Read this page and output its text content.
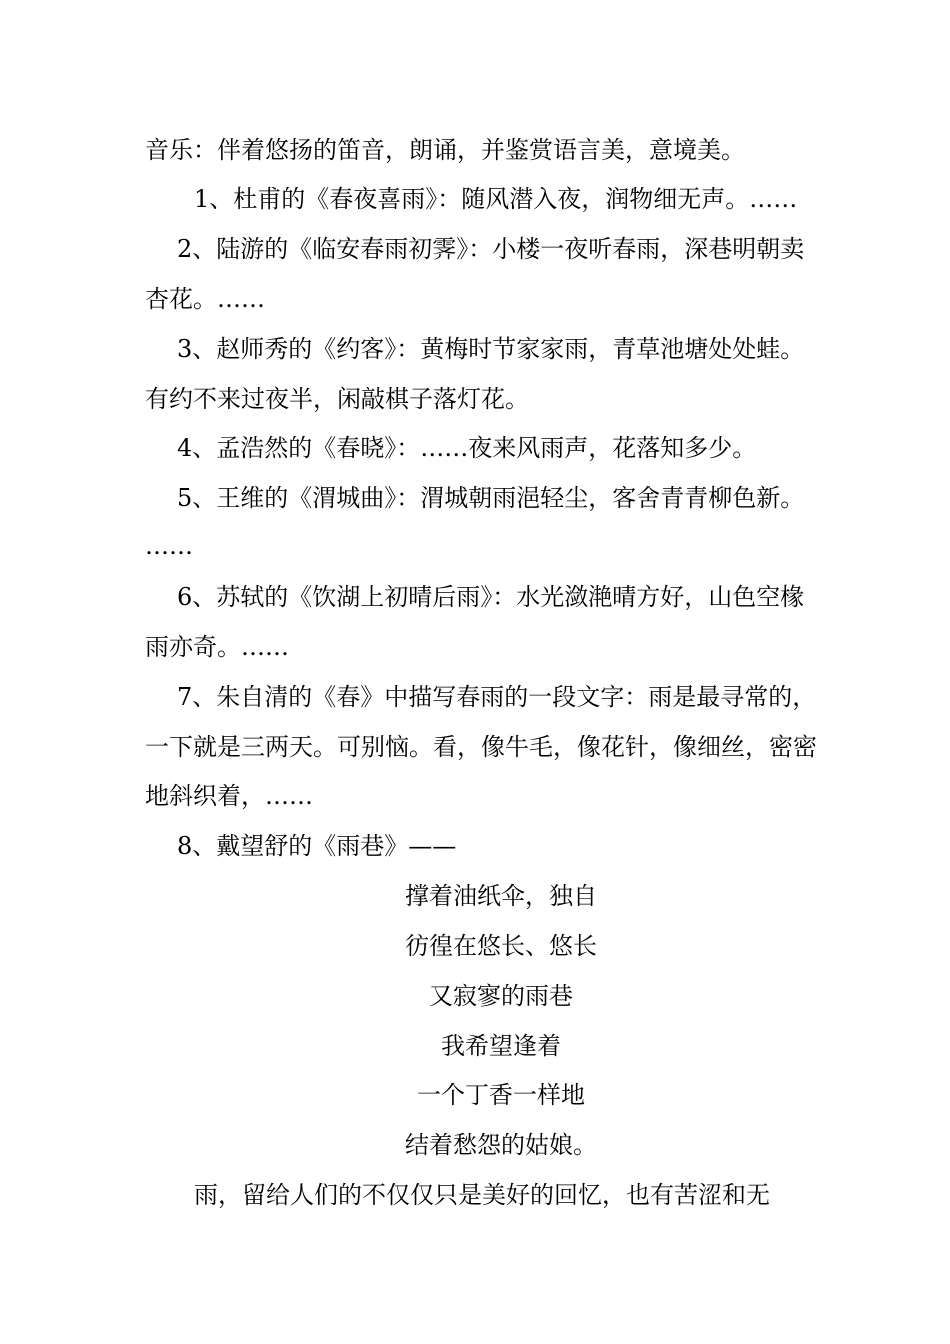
音乐：伴着悠扬的笛音，朗诵，并鉴赏语言美，意境美。
1、杜甫的《春夜喜雨》：随风潜入夜，润物细无声。……
2、陆游的《临安春雨初霁》：小楼一夜听春雨，深巷明朝卖
杏花。……
3、赵师秀的《约客》：黄梅时节家家雨，青草池塘处处蛙。
有约不来过夜半，闲敲棋子落灯花。
4、孟浩然的《春晓》：……夜来风雨声，花落知多少。
5、王维的《渭城曲》：渭城朝雨浥轻尘，客舍青青柳色新。
……
6、苏轼的《饮湖上初晴后雨》：水光潋滟晴方好，山色空椽
雨亦奇。……
7、朱自清的《春》中描写春雨的一段文字：雨是最寻常的，
一下就是三两天。可别恼。看，像牛毛，像花针，像细丝，密密
地斜织着，……
8、戴望舒的《雨巷》——
撑着油纸伞，独自
彷徨在悠长、悠长
又寂寥的雨巷
我希望逢着
一个丁香一样地
结着愁怨的姑娘。
雨，留给人们的不仅仅只是美好的回忆，也有苦涩和无
